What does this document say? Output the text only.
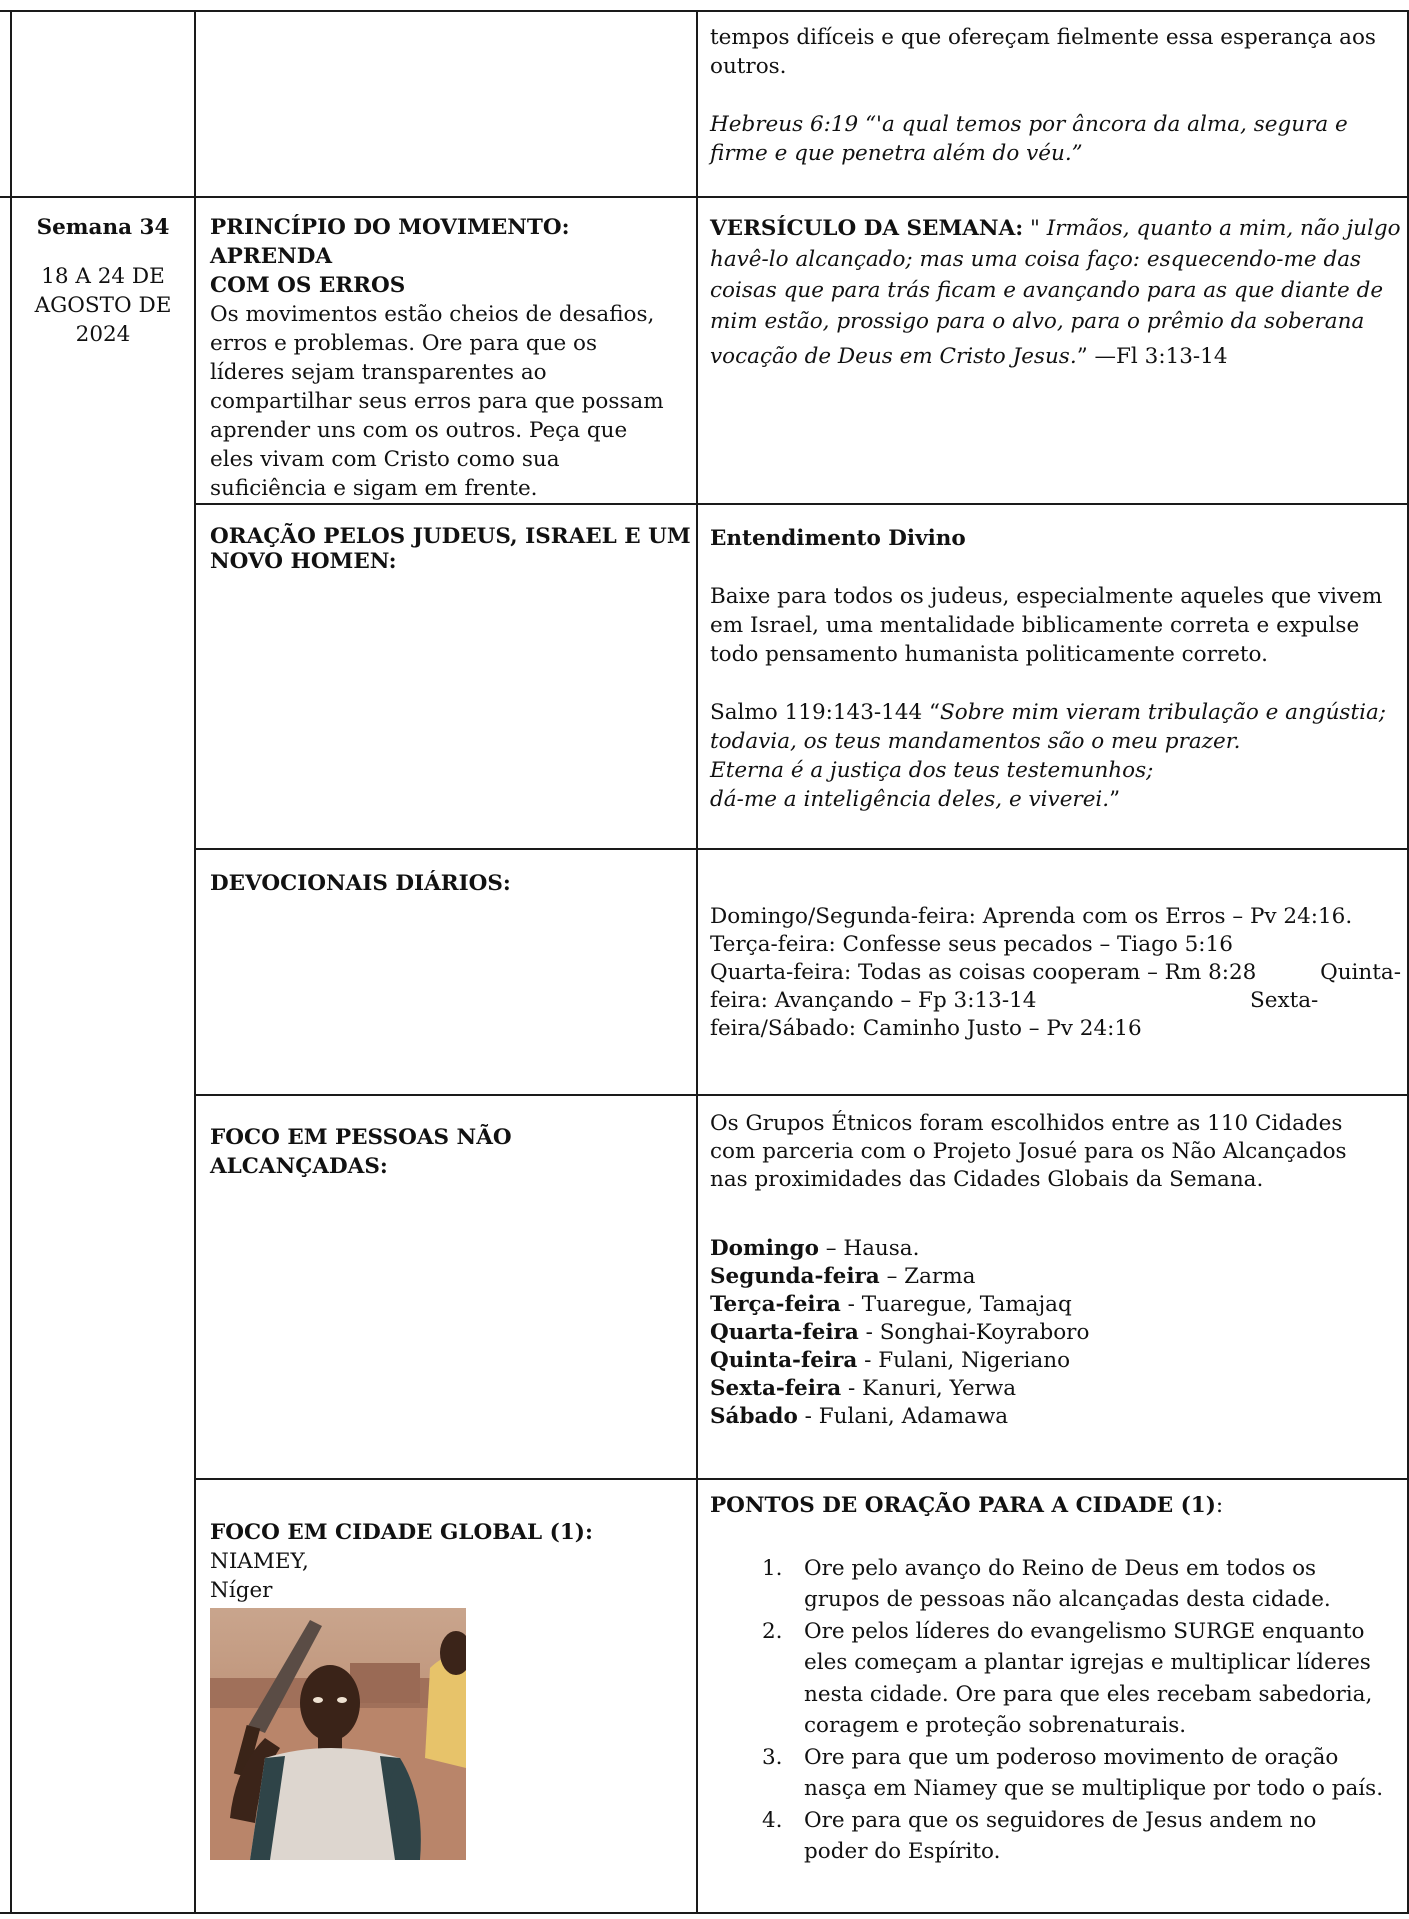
tempos difíceis e que ofereçam fielmente essa esperança aos

outros.

Hebreus 6:19 “'a qual temos por âncora da alma, segura e

firme e que penetra além do véu.”

Semana 34

18 A 24 DE

AGOSTO DE

2024

PRINCÍPIO DO MOVIMENTO: APRENDA

COM OS ERROS

Os movimentos estão cheios de desafios,

erros e problemas. Ore para que os

líderes sejam transparentes ao

compartilhar seus erros para que possam

aprender uns com os outros. Peça que

eles vivam com Cristo como sua

suficiência e sigam em frente.

VERSÍCULO DA SEMANA: " Irmãos, quanto a mim, não julgo

havê-lo alcançado; mas uma coisa faço: esquecendo-me das

coisas que para trás ficam e avançando para as que diante de

mim estão, prossigo para o alvo, para o prêmio da soberana

vocação de Deus em Cristo Jesus.” —Fl 3:13-14

ORAÇÃO PELOS JUDEUS, ISRAEL E UM

NOVO HOMEN:

Entendimento Divino

Baixe para todos os judeus, especialmente aqueles que vivem

em Israel, uma mentalidade biblicamente correta e expulse

todo pensamento humanista politicamente correto.

Salmo 119:143-144 “Sobre mim vieram tribulação e angústia;

todavia, os teus mandamentos são o meu prazer.

Eterna é a justiça dos teus testemunhos;

dá-me a inteligência deles, e viverei.”

DEVOCIONAIS DIÁRIOS:

Domingo/Segunda-feira: Aprenda com os Erros – Pv 24:16.

Terça-feira: Confesse seus pecados – Tiago 5:16

Quarta-feira: Todas as coisas cooperam – Rm 8:28	Quinta-

feira: Avançando – Fp 3:13-14	Sexta-

feira/Sábado: Caminho Justo – Pv 24:16

FOCO EM PESSOAS NÃO ALCANÇADAS:

Os Grupos Étnicos foram escolhidos entre as 110 Cidades

com parceria com o Projeto Josué para os Não Alcançados

nas proximidades das Cidades Globais da Semana.

Domingo – Hausa.

Segunda-feira – Zarma

Terça-feira - Tuaregue, Tamajaq

Quarta-feira - Songhai-Koyraboro

Quinta-feira - Fulani, Nigeriano

Sexta-feira - Kanuri, Yerwa

Sábado - Fulani, Adamawa

FOCO EM CIDADE GLOBAL (1): NIAMEY,

Níger

PONTOS DE ORAÇÃO PARA A CIDADE (1):

1. Ore pelo avanço do Reino de Deus em todos os

grupos de pessoas não alcançadas desta cidade.

2. Ore pelos líderes do evangelismo SURGE enquanto

eles começam a plantar igrejas e multiplicar líderes

nesta cidade. Ore para que eles recebam sabedoria,

coragem e proteção sobrenaturais.

3. Ore para que um poderoso movimento de oração

nasça em Niamey que se multiplique por todo o país.

4. Ore para que os seguidores de Jesus andem no

poder do Espírito.
